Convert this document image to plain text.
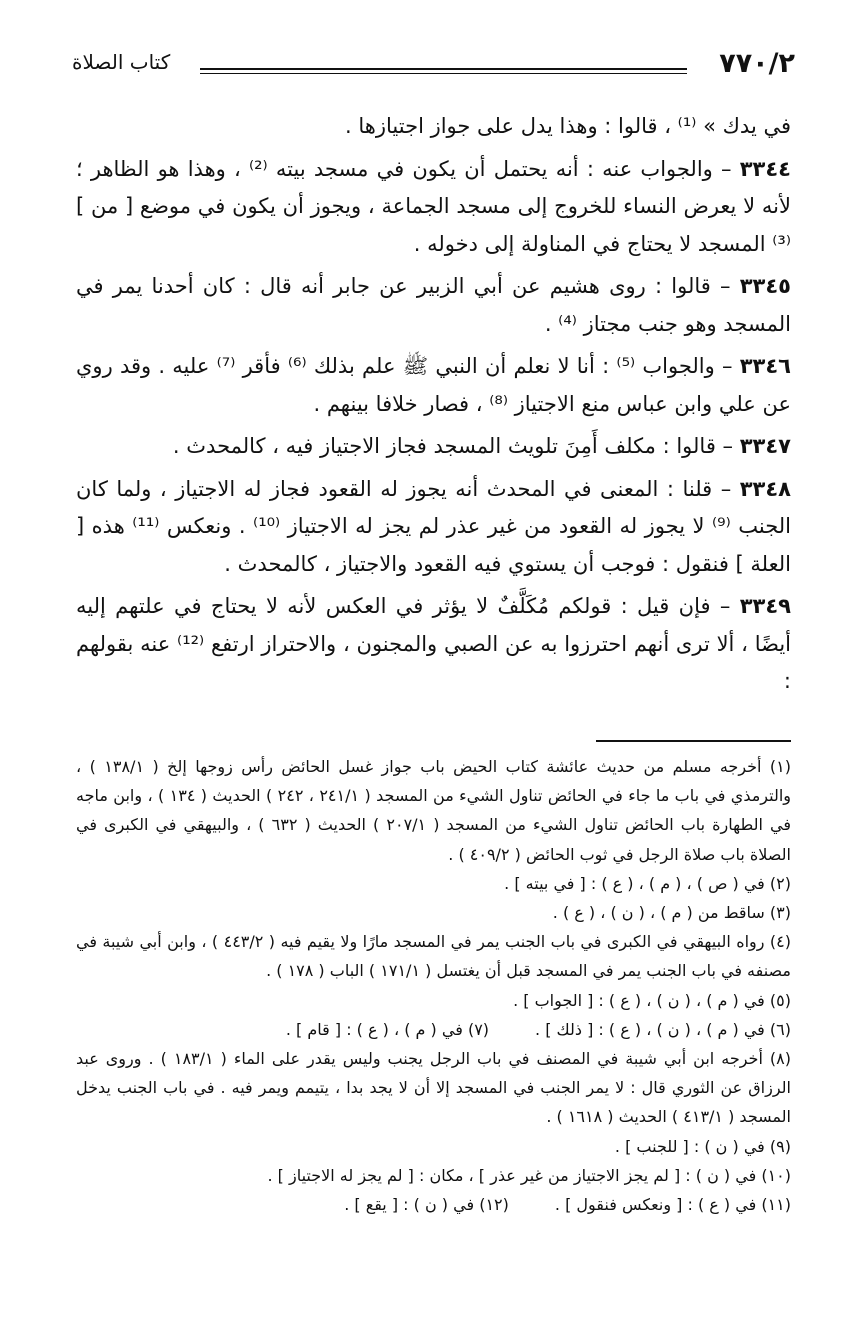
٧٧٠/٢
كتاب الصلاة

في يدك » ⁽¹⁾ ، قالوا : وهذا يدل على جواز اجتيازها .

٣٣٤٤ – والجواب عنه : أنه يحتمل أن يكون في مسجد بيته ⁽²⁾ ، وهذا هو الظاهر ؛ لأنه لا يعرض النساء للخروج إلى مسجد الجماعة ، ويجوز أن يكون في موضع [ من ] ⁽³⁾ المسجد لا يحتاج في المناولة إلى دخوله .

٣٣٤٥ – قالوا : روى هشيم عن أبي الزبير عن جابر أنه قال : كان أحدنا يمر في المسجد وهو جنب مجتاز ⁽⁴⁾ .

٣٣٤٦ – والجواب ⁽⁵⁾ : أنا لا نعلم أن النبي ﷺ علم بذلك ⁽⁶⁾ فأقر ⁽⁷⁾ عليه . وقد روي عن علي وابن عباس منع الاجتياز ⁽⁸⁾ ، فصار خلافا بينهم .

٣٣٤٧ – قالوا : مكلف أَمِنَ تلويث المسجد فجاز الاجتياز فيه ، كالمحدث .

٣٣٤٨ – قلنا : المعنى في المحدث أنه يجوز له القعود فجاز له الاجتياز ، ولما كان الجنب ⁽⁹⁾ لا يجوز له القعود من غير عذر لم يجز له الاجتياز ⁽¹⁰⁾ . ونعكس ⁽¹¹⁾ هذه [ العلة ] فنقول : فوجب أن يستوي فيه القعود والاجتياز ، كالمحدث .

٣٣٤٩ – فإن قيل : قولكم مُكَلَّفٌ لا يؤثر في العكس لأنه لا يحتاج في علتهم إليه أيضًا ، ألا ترى أنهم احترزوا به عن الصبي والمجنون ، والاحتراز ارتفع ⁽¹²⁾ عنه بقولهم :

(١) أخرجه مسلم من حديث عائشة كتاب الحيض باب جواز غسل الحائض رأس زوجها إلخ ( ١٣٨/١ ) ، والترمذي في باب ما جاء في الحائض تناول الشيء من المسجد ( ٢٤١/١ ، ٢٤٢ ) الحديث ( ١٣٤ ) ، وابن ماجه في الطهارة باب الحائض تناول الشيء من المسجد ( ٢٠٧/١ ) الحديث ( ٦٣٢ ) ، والبيهقي في الكبرى في الصلاة باب صلاة الرجل في ثوب الحائض ( ٤٠٩/٢ ) .

(٢) في ( ص ) ، ( م ) ، ( ع ) : [ في بيته ] .

(٣) ساقط من ( م ) ، ( ن ) ، ( ع ) .

(٤) رواه البيهقي في الكبرى في باب الجنب يمر في المسجد مارًا ولا يقيم فيه ( ٤٤٣/٢ ) ، وابن أبي شيبة في مصنفه في باب الجنب يمر في المسجد قبل أن يغتسل ( ١٧١/١ ) الباب ( ١٧٨ ) .

(٥) في ( م ) ، ( ن ) ، ( ع ) : [ الجواب ] .

(٦) في ( م ) ، ( ن ) ، ( ع ) : [ ذلك ] .
(٧) في ( م ) ، ( ع ) : [ قام ] .
(٨) أخرجه ابن أبي شيبة في المصنف في باب الرجل يجنب وليس يقدر على الماء ( ١٨٣/١ ) . وروى عبد الرزاق عن الثوري قال : لا يمر الجنب في المسجد إلا أن لا يجد بدا ، يتيمم ويمر فيه . في باب الجنب يدخل المسجد ( ٤١٣/١ ) الحديث ( ١٦١٨ ) .

(٩) في ( ن ) : [ للجنب ] .

(١٠) في ( ن ) : [ لم يجز الاجتياز من غير عذر ] ، مكان : [ لم يجز له الاجتياز ] .

(١١) في ( ع ) : [ ونعكس فنقول ] .
(١٢) في ( ن ) : [ يقع ] .
